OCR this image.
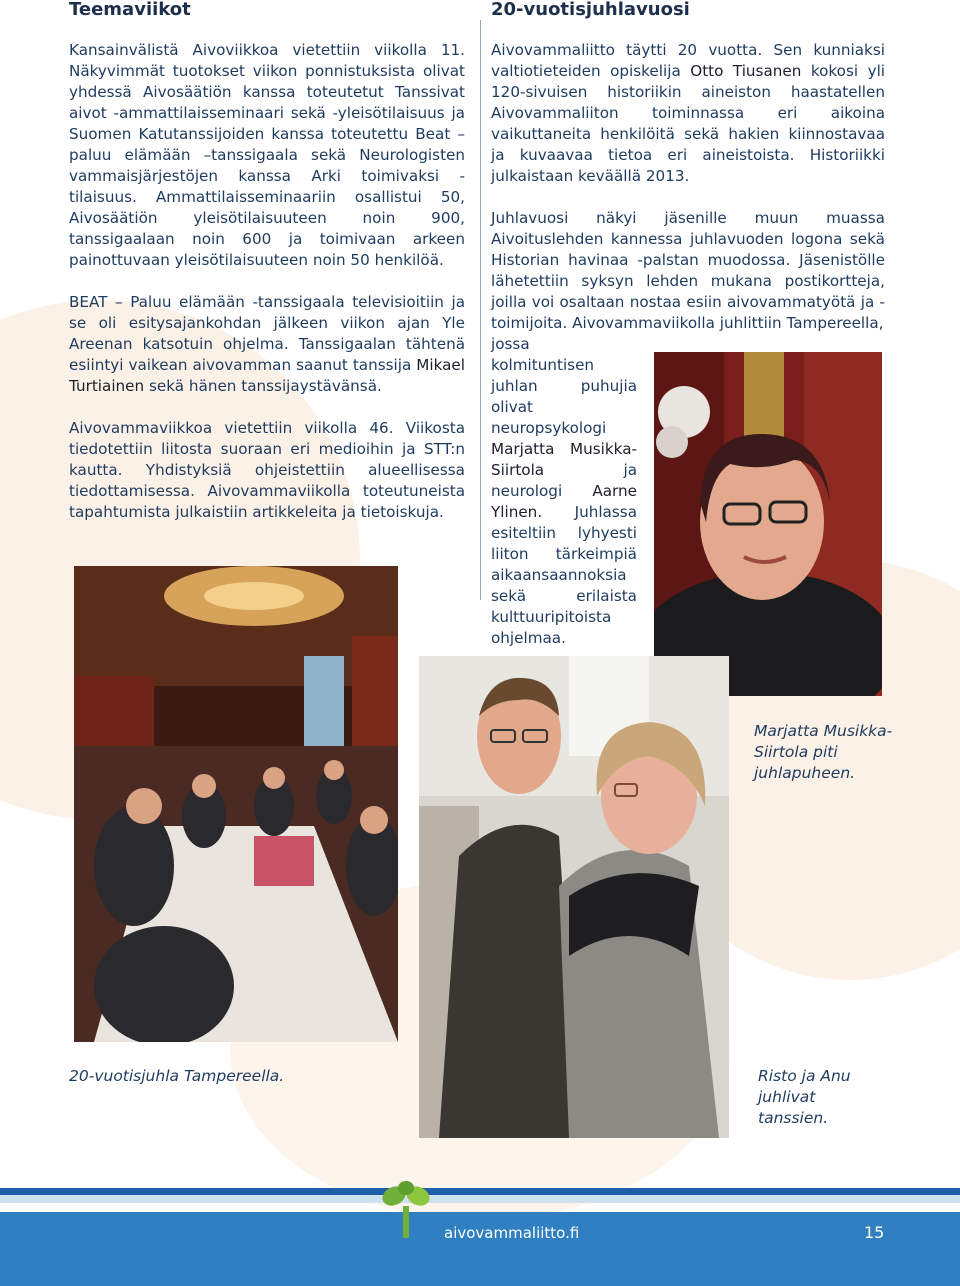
Teemaviikot

Kansainvälistä Aivoviikkoa vietettiin viikolla 11. Näkyvimmät tuotokset viikon ponnistuksista olivat yhdessä Aivosäätiön kanssa toteutetut Tanssivat aivot -ammattilaisseminaari sekä -yleisötilaisuus ja Suomen Katutanssijoiden kanssa toteutettu Beat – paluu elämään –tanssigaala sekä Neurologisten vammaisjärjestöjen kanssa Arki toimivaksi -tilaisuus. Ammattilaisseminaariin osallistui 50, Aivosäätiön yleisötilaisuuteen noin 900, tanssigaalaan noin 600 ja toimivaan arkeen painottuvaan yleisötilaisuuteen noin 50 henkilöä.

BEAT – Paluu elämään -tanssigaala televisioitiin ja se oli esitysajankohdan jälkeen viikon ajan Yle Areenan katsotuin ohjelma. Tanssigaalan tähtenä esiintyi vaikean aivovamman saanut tanssija Mikael Turtiainen sekä hänen tanssijaystävänsä.

Aivovammaviikkoa vietettiin viikolla 46. Viikosta tiedotettiin liitosta suoraan eri medioihin ja STT:n kautta. Yhdistyksiä ohjeistettiin alueellisessa tiedottamisessa. Aivovammaviikolla toteutuneista tapahtumista julkaistiin artikkeleita ja tietoiskuja.

20-vuotisjuhlavuosi

Aivovammaliitto täytti 20 vuotta. Sen kunniaksi valtiotieteiden opiskelija Otto Tiusanen kokosi yli 120-sivuisen historiikin aineiston haastatellen Aivovammaliiton toiminnassa eri aikoina vaikuttaneita henkilöitä sekä hakien kiinnostavaa ja kuvaavaa tietoa eri aineistoista. Historiikki julkaistaan keväällä 2013.

Juhlavuosi näkyi jäsenille muun muassa Aivoituslehden kannessa juhlavuoden logona sekä Historian havinaa -palstan muodossa. Jäsenistölle lähetettiin syksyn lehden mukana postikortteja, joilla voi osaltaan nostaa esiin aivovammatyötä ja -toimijoita. Aivovammaviikolla juhlittiin Tampereella,

jossa kolmituntisen juhlan puhujia olivat neuropsykologi Marjatta Musikka-Siirtola ja neurologi Aarne Ylinen. Juhlassa esiteltiin lyhyesti liiton tärkeimpiä aikaansaannoksia sekä erilaista kulttuuripitoista ohjelmaa.

Marjatta Musikka-Siirtola piti juhlapuheen.
20-vuotisjuhla Tampereella.	Risto ja Anu juhlivat tanssien.
aivovammaliitto.fi	15
